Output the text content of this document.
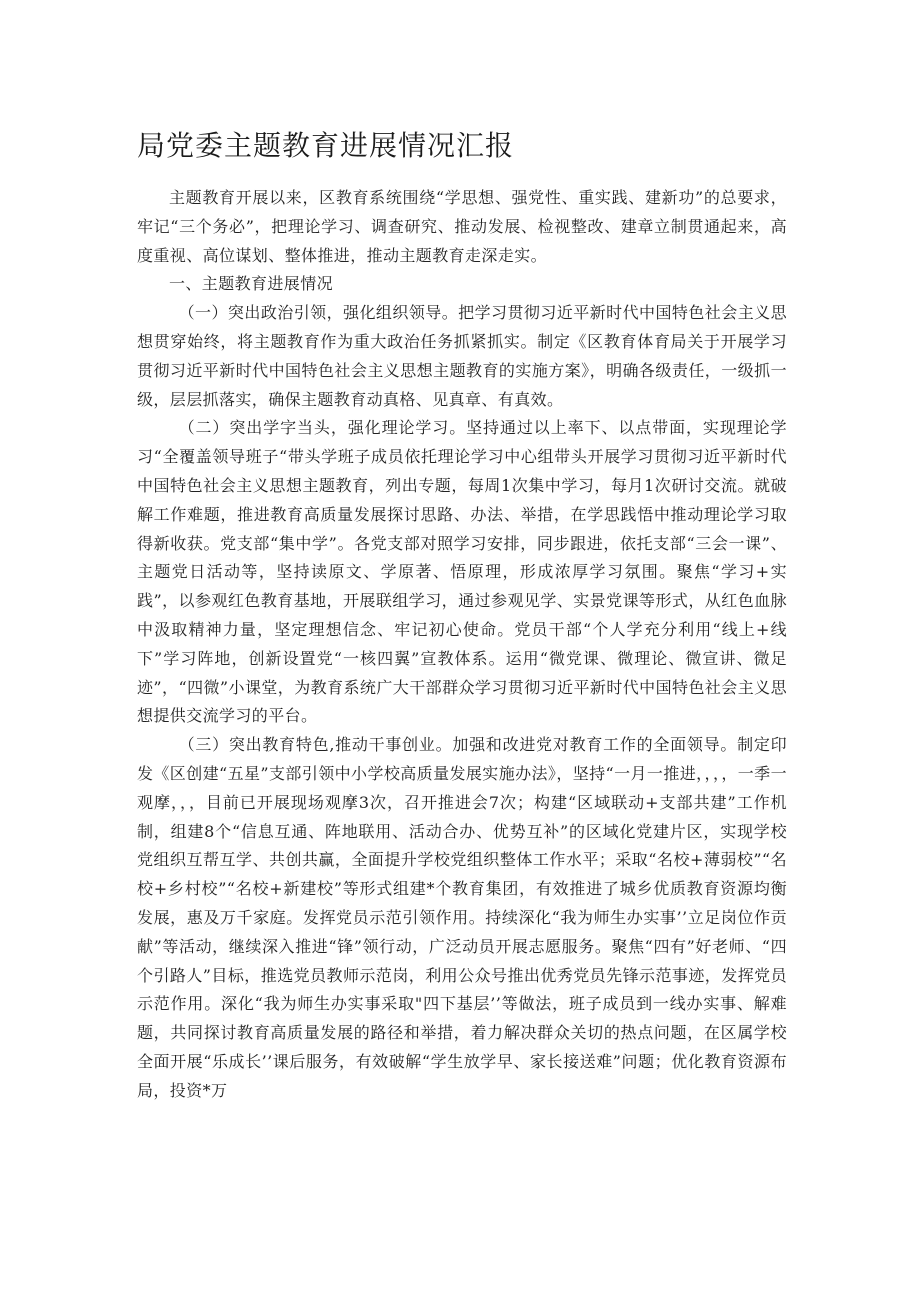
局党委主题教育进展情况汇报

主题教育开展以来，区教育系统围绕“学思想、强党性、重实践、建新功”的总要求，牢记“三个务必”，把理论学习、调查研究、推动发展、检视整改、建章立制贯通起来，高度重视、高位谋划、整体推进，推动主题教育走深走实。

一、主题教育进展情况

（一）突出政治引领，强化组织领导。把学习贯彻习近平新时代中国特色社会主义思想贯穿始终，将主题教育作为重大政治任务抓紧抓实。制定《区教育体育局关于开展学习贯彻习近平新时代中国特色社会主义思想主题教育的实施方案》，明确各级责任，一级抓一级，层层抓落实，确保主题教育动真格、见真章、有真效。

（二）突出学字当头，强化理论学习。坚持通过以上率下、以点带面，实现理论学习“全覆盖领导班子“带头学班子成员依托理论学习中心组带头开展学习贯彻习近平新时代中国特色社会主义思想主题教育，列出专题，每周1次集中学习，每月1次研讨交流。就破解工作难题，推进教育高质量发展探讨思路、办法、举措，在学思践悟中推动理论学习取得新收获。党支部“集中学”。各党支部对照学习安排，同步跟进，依托支部“三会一课”、主题党日活动等，坚持读原文、学原著、悟原理，形成浓厚学习氛围。聚焦“学习+实践”，以参观红色教育基地，开展联组学习，通过参观见学、实景党课等形式，从红色血脉中汲取精神力量，坚定理想信念、牢记初心使命。党员干部“个人学充分利用“线上+线下”学习阵地，创新设置党“一核四翼”宣教体系。运用“微党课、微理论、微宣讲、微足迹”，“四微”小课堂，为教育系统广大干部群众学习贯彻习近平新时代中国特色社会主义思想提供交流学习的平台。

（三）突出教育特色,推动干事创业。加强和改进党对教育工作的全面领导。制定印发《区创建“五星”支部引领中小学校高质量发展实施办法》，坚持“一月一推进，，，，一季一观摩，，，目前已开展现场观摩3次，召开推进会7次；构建“区域联动+支部共建”工作机制，组建8个“信息互通、阵地联用、活动合办、优势互补”的区域化党建片区，实现学校党组织互帮互学、共创共赢，全面提升学校党组织整体工作水平；采取“名校+薄弱校”“名校+乡村校”“名校+新建校”等形式组建*个教育集团，有效推进了城乡优质教育资源均衡发展，惠及万千家庭。发挥党员示范引领作用。持续深化“我为师生办实事’’立足岗位作贡献”等活动，继续深入推进“锋”领行动，广泛动员开展志愿服务。聚焦“四有”好老师、“四个引路人”目标，推选党员教师示范岗，利用公众号推出优秀党员先锋示范事迹，发挥党员示范作用。深化“我为师生办实事采取"四下基层’’等做法，班子成员到一线办实事、解难题，共同探讨教育高质量发展的路径和举措，着力解决群众关切的热点问题，在区属学校全面开展“乐成长’’课后服务，有效破解“学生放学早、家长接送难”问题；优化教育资源布局，投资*万
